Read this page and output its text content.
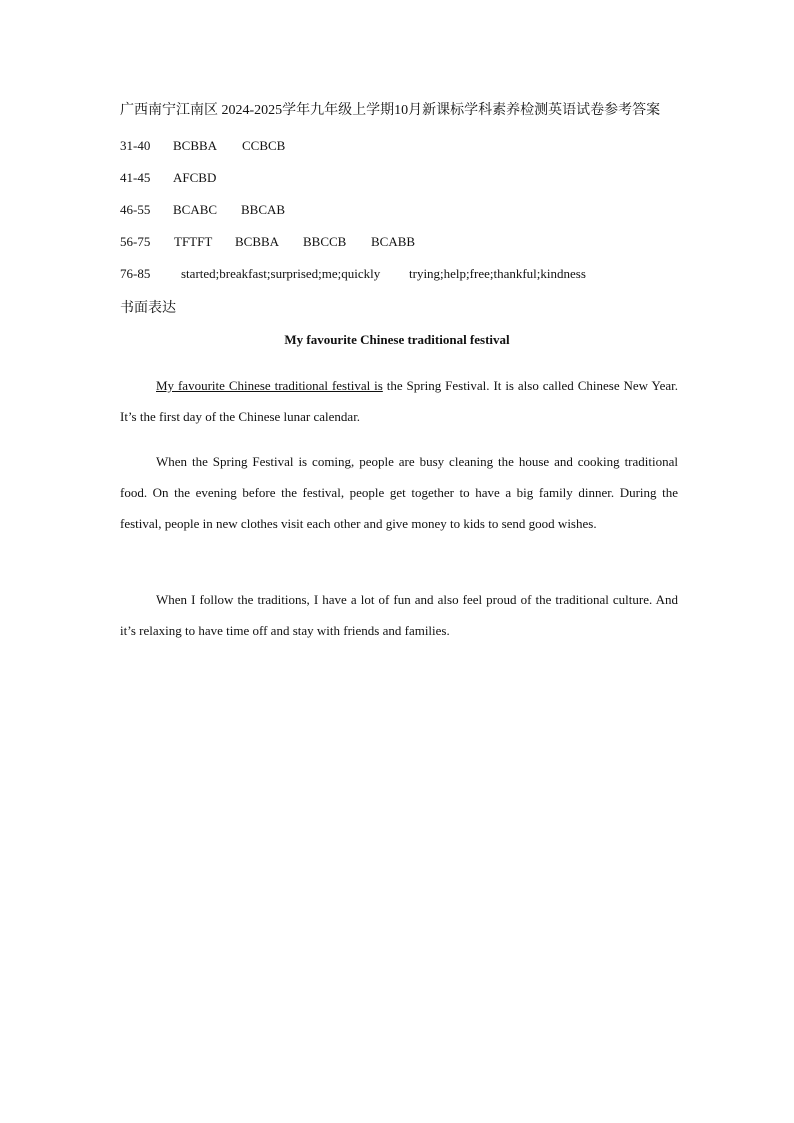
广西南宁江南区 2024-2025学年九年级上学期10月新课标学科素养检测英语试卷参考答案
31-40 BCBBA CCBCB
41-45 AFCBD
46-55 BCABC BBCAB
56-75 TFTFT BCBBA BBCCB BCABB
76-85 started;breakfast;surprised;me;quickly trying;help;free;thankful;kindness
书面表达
My favourite Chinese traditional festival
My favourite Chinese traditional festival is the Spring Festival. It is also called Chinese New Year. It’s the first day of the Chinese lunar calendar.
When the Spring Festival is coming, people are busy cleaning the house and cooking traditional food. On the evening before the festival, people get together to have a big family dinner. During the festival, people in new clothes visit each other and give money to kids to send good wishes.
When I follow the traditions, I have a lot of fun and also feel proud of the traditional culture. And it’s relaxing to have time off and stay with friends and families.
